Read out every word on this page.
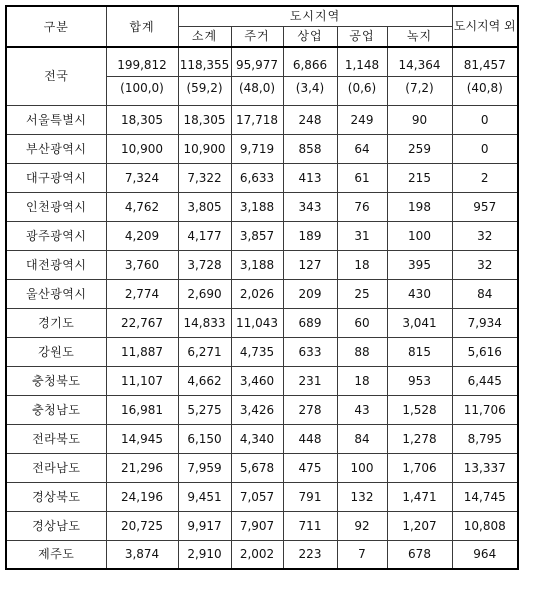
구분	합계	도시지역					도시지역 외
		소계	주거	상업	공업	녹지	
전국	199,812	118,355	95,977	6,866	1,148	14,364	81,457
	(100,0)	(59,2)	(48,0)	(3,4)	(0,6)	(7,2)	(40,8)
서울특별시	18,305	18,305	17,718	248	249	90	0
부산광역시	10,900	10,900	9,719	858	64	259	0
대구광역시	7,324	7,322	6,633	413	61	215	2
인천광역시	4,762	3,805	3,188	343	76	198	957
광주광역시	4,209	4,177	3,857	189	31	100	32
대전광역시	3,760	3,728	3,188	127	18	395	32
울산광역시	2,774	2,690	2,026	209	25	430	84
경기도	22,767	14,833	11,043	689	60	3,041	7,934
강원도	11,887	6,271	4,735	633	88	815	5,616
충청북도	11,107	4,662	3,460	231	18	953	6,445
충청남도	16,981	5,275	3,426	278	43	1,528	11,706
전라북도	14,945	6,150	4,340	448	84	1,278	8,795
전라남도	21,296	7,959	5,678	475	100	1,706	13,337
경상북도	24,196	9,451	7,057	791	132	1,471	14,745
경상남도	20,725	9,917	7,907	711	92	1,207	10,808
제주도	3,874	2,910	2,002	223	7	678	964
